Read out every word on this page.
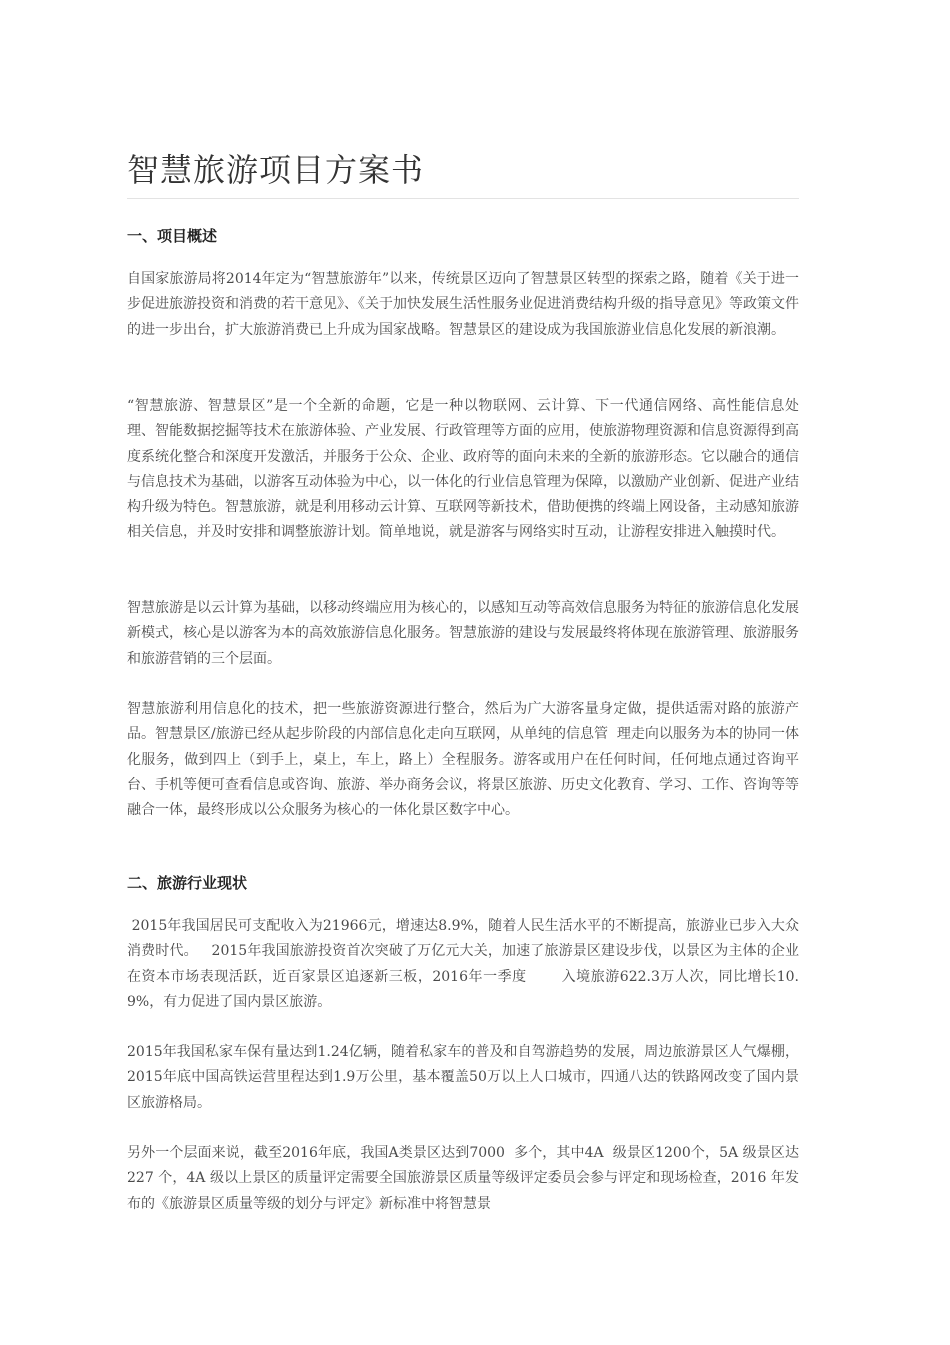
智慧旅游项目方案书
一、项目概述

自国家旅游局将2014年定为“智慧旅游年”以来，传统景区迈向了智慧景区转型的探索之路，随着《关于进一步促进旅游投资和消费的若干意见》、《关于加快发展生活性服务业促进消费结构升级的指导意见》等政策文件的进一步出台，扩大旅游消费已上升成为国家战略。智慧景区的建设成为我国旅游业信息化发展的新浪潮。

“智慧旅游、智慧景区”是一个全新的命题，它是一种以物联网、云计算、下一代通信网络、高性能信息处理、智能数据挖掘等技术在旅游体验、产业发展、行政管理等方面的应用，使旅游物理资源和信息资源得到高度系统化整合和深度开发激活，并服务于公众、企业、政府等的面向未来的全新的旅游形态。它以融合的通信与信息技术为基础，以游客互动体验为中心，以一体化的行业信息管理为保障，以激励产业创新、促进产业结构升级为特色。智慧旅游，就是利用移动云计算、互联网等新技术，借助便携的终端上网设备，主动感知旅游相关信息，并及时安排和调整旅游计划。简单地说，就是游客与网络实时互动，让游程安排进入触摸时代。

智慧旅游是以云计算为基础，以移动终端应用为核心的，以感知互动等高效信息服务为特征的旅游信息化发展新模式，核心是以游客为本的高效旅游信息化服务。智慧旅游的建设与发展最终将体现在旅游管理、旅游服务和旅游营销的三个层面。

智慧旅游利用信息化的技术，把一些旅游资源进行整合，然后为广大游客量身定做，提供适需对路的旅游产品。智慧景区/旅游已经从起步阶段的内部信息化走向互联网，从单纯的信息管  理走向以服务为本的协同一体化服务，做到四上（到手上，桌上，车上，路上）全程服务。游客或用户在任何时间，任何地点通过咨询平台、手机等便可查看信息或咨询、旅游、举办商务会议，将景区旅游、历史文化教育、学习、工作、咨询等等融合一体，最终形成以公众服务为核心的一体化景区数字中心。

二、旅游行业现状

2015年我国居民可支配收入为21966元，增速达8.9%，随着人民生活水平的不断提高，旅游业已步入大众消费时代。   2015年我国旅游投资首次突破了万亿元大关，加速了旅游景区建设步伐，以景区为主体的企业在资本市场表现活跃，近百家景区追逐新三板，2016年一季度       入境旅游622.3万人次，同比增长10.9%，有力促进了国内景区旅游。

2015年我国私家车保有量达到1.24亿辆，随着私家车的普及和自驾游趋势的发展，周边旅游景区人气爆棚，2015年底中国高铁运营里程达到1.9万公里，基本覆盖50万以上人口城市，四通八达的铁路网改变了国内景区旅游格局。

另外一个层面来说，截至2016年底，我国A类景区达到7000  多个，其中4A  级景区1200个，5A 级景区达227 个，4A 级以上景区的质量评定需要全国旅游景区质量等级评定委员会参与评定和现场检查，2016 年发布的《旅游景区质量等级的划分与评定》新标准中将智慧景
